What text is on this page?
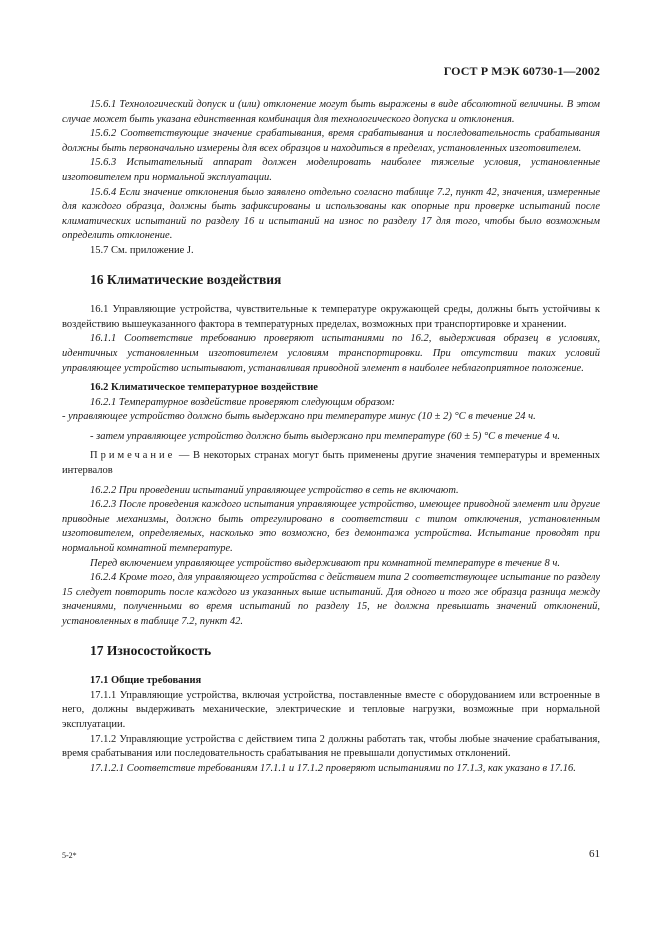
ГОСТ Р МЭК 60730-1—2002

15.6.1 Технологический допуск и (или) отклонение могут быть выражены в виде абсолютной величины. В этом случае может быть указана единственная комбинация для технологического допуска и отклонения.

15.6.2 Соответствующие значение срабатывания, время срабатывания и последовательность срабатывания должны быть первоначально измерены для всех образцов и находиться в пределах, установленных изготовителем.

15.6.3 Испытательный аппарат должен моделировать наиболее тяжелые условия, установленные изготовителем при нормальной эксплуатации.

15.6.4 Если значение отклонения было заявлено отдельно согласно таблице 7.2, пункт 42, значения, измеренные для каждого образца, должны быть зафиксированы и использованы как опорные при проверке испытаний после климатических испытаний по разделу 16 и испытаний на износ по разделу 17 для того, чтобы было возможным определить отклонение.

15.7 См. приложение J.

16 Климатические воздействия

16.1 Управляющие устройства, чувствительные к температуре окружающей среды, должны быть устойчивы к воздействию вышеуказанного фактора в температурных пределах, возможных при транспортировке и хранении.

16.1.1 Соответствие требованию проверяют испытаниями по 16.2, выдерживая образец в условиях, идентичных установленным изготовителем условиям транспортировки. При отсутствии таких условий управляющее устройство испытывают, устанавливая приводной элемент в наиболее неблагоприятное положение.

16.2 Климатическое температурное воздействие

16.2.1 Температурное воздействие проверяют следующим образом:

- управляющее устройство должно быть выдержано при температуре минус (10 ± 2) °С в течение 24 ч.

- затем управляющее устройство должно быть выдержано при температуре (60 ± 5) °С в течение 4 ч.

Примечание — В некоторых странах могут быть применены другие значения температуры и временных интервалов

16.2.2 При проведении испытаний управляющее устройство в сеть не включают.

16.2.3 После проведения каждого испытания управляющее устройство, имеющее приводной элемент или другие приводные механизмы, должно быть отрегулировано в соответствии с типом отключения, установленным изготовителем, определяемых, насколько это возможно, без демонтажа устройства. Испытание проводят при нормальной комнатной температуре.

Перед включением управляющее устройство выдерживают при комнатной температуре в течение 8 ч.

16.2.4 Кроме того, для управляющего устройства с действием типа 2 соответствующее испытание по разделу 15 следует повторить после каждого из указанных выше испытаний. Для одного и того же образца разница между значениями, полученными во время испытаний по разделу 15, не должна превышать значений отклонений, установленных в таблице 7.2, пункт 42.

17 Износостойкость

17.1 Общие требования

17.1.1 Управляющие устройства, включая устройства, поставленные вместе с оборудованием или встроенные в него, должны выдерживать механические, электрические и тепловые нагрузки, возможные при нормальной эксплуатации.

17.1.2 Управляющие устройства с действием типа 2 должны работать так, чтобы любые значение срабатывания, время срабатывания или последовательность срабатывания не превышали допустимых отклонений.

17.1.2.1 Соответствие требованиям 17.1.1 и 17.1.2 проверяют испытаниями по 17.1.3, как указано в 17.16.

5-2*	61
